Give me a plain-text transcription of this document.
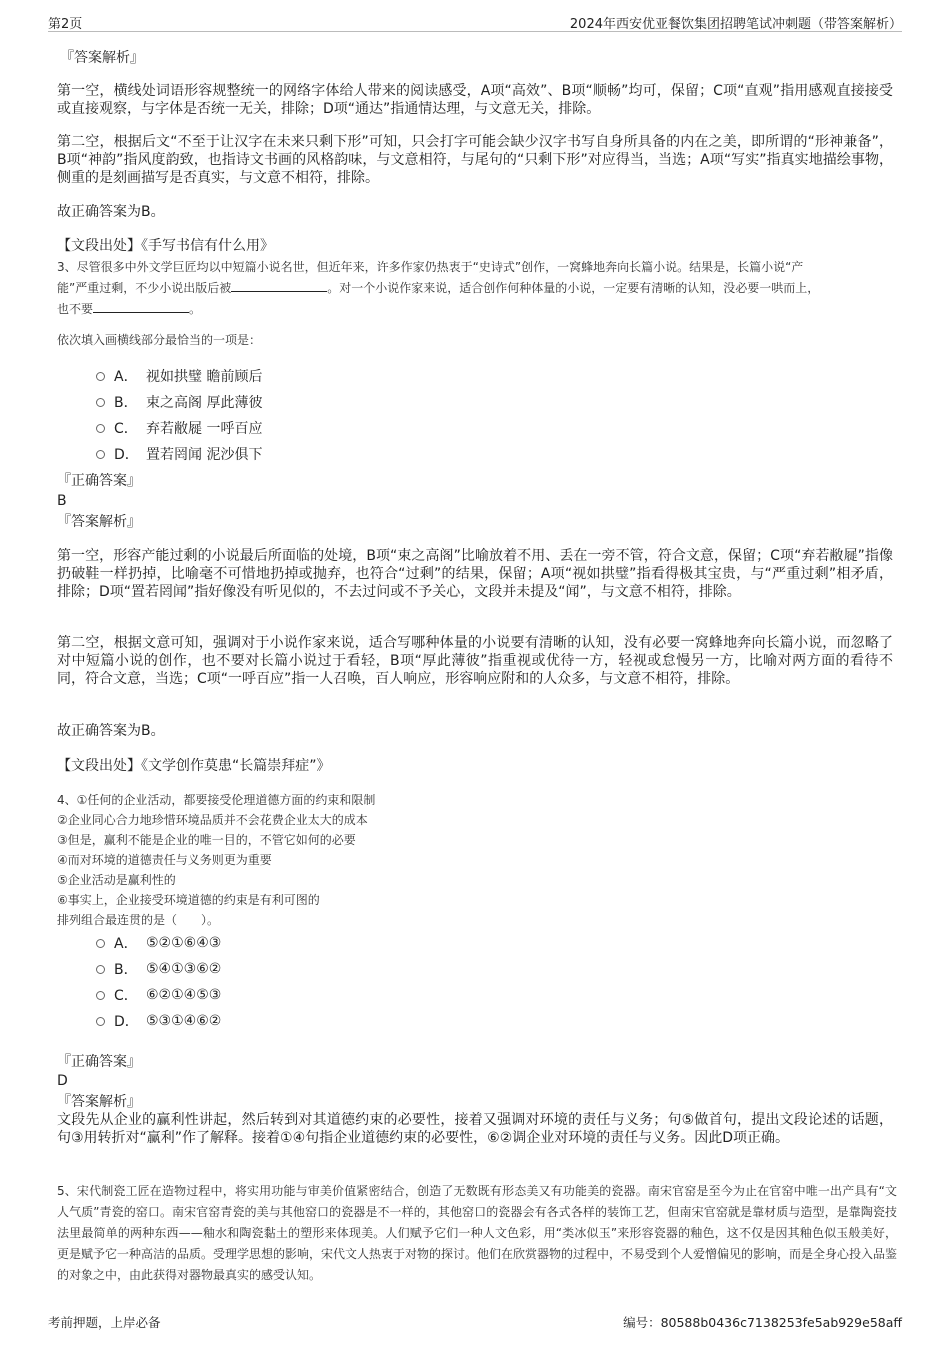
第2页	2024年西安优亚餐饮集团招聘笔试冲刺题（带答案解析）
『答案解析』
第一空，横线处词语形容规整统一的网络字体给人带来的阅读感受，A项“高效”、B项“顺畅”均可，保留；C项“直观”指用感观直接接受或直接观察，与字体是否统一无关，排除；D项“通达”指通情达理，与文意无关，排除。
第二空，根据后文“不至于让汉字在未来只剩下形”可知，只会打字可能会缺少汉字书写自身所具备的内在之美，即所谓的“形神兼备”，B项“神韵”指风度韵致，也指诗文书画的风格韵味，与文意相符，与尾句的“只剩下形”对应得当，当选；A项“写实”指真实地描绘事物，侧重的是刻画描写是否真实，与文意不相符，排除。
故正确答案为B。
【文段出处】《手写书信有什么用》
3、尽管很多中外文学巨匠均以中短篇小说名世，但近年来，许多作家仍热衷于“史诗式”创作，一窝蜂地奔向长篇小说。结果是，长篇小说“产
能”严重过剩，不少小说出版后被	。对一个小说作家来说，适合创作何种体量的小说，一定要有清晰的认知，没必要一哄而上，
也不要	。
依次填入画横线部分最恰当的一项是：
A． 视如拱璧 瞻前顾后
B． 束之高阁 厚此薄彼
C． 弃若敝屣 一呼百应
D． 置若罔闻 泥沙俱下
『正确答案』
B
『答案解析』
第一空，形容产能过剩的小说最后所面临的处境，B项“束之高阁”比喻放着不用、丢在一旁不管，符合文意，保留；C项“弃若敝屣”指像扔破鞋一样扔掉，比喻毫不可惜地扔掉或抛弃，也符合“过剩”的结果，保留；A项“视如拱璧”指看得极其宝贵，与“严重过剩”相矛盾，排除；D项“置若罔闻”指好像没有听见似的，不去过问或不予关心，文段并未提及“闻”，与文意不相符，排除。
第二空，根据文意可知，强调对于小说作家来说，适合写哪种体量的小说要有清晰的认知，没有必要一窝蜂地奔向长篇小说，而忽略了对中短篇小说的创作，也不要对长篇小说过于看轻，B项“厚此薄彼”指重视或优待一方，轻视或怠慢另一方，比喻对两方面的看待不同，符合文意，当选；C项“一呼百应”指一人召唤，百人响应，形容响应附和的人众多，与文意不相符，排除。
故正确答案为B。
【文段出处】《文学创作莫患“长篇崇拜症”》
4、①任何的企业活动，都要接受伦理道德方面的约束和限制
②企业同心合力地珍惜环境品质并不会花费企业太大的成本
③但是，赢利不能是企业的唯一目的，不管它如何的必要
④而对环境的道德责任与义务则更为重要
⑤企业活动是赢利性的
⑥事实上，企业接受环境道德的约束是有利可图的
排列组合最连贯的是（　　）。
A． ⑤②①⑥④③
B． ⑤④①③⑥②
C． ⑥②①④⑤③
D． ⑤③①④⑥②
『正确答案』
D
『答案解析』
文段先从企业的赢利性讲起，然后转到对其道德约束的必要性，接着又强调对环境的责任与义务；句⑤做首句，提出文段论述的话题，句③用转折对“赢利”作了解释。接着①④句指企业道德约束的必要性，⑥②调企业对环境的责任与义务。因此D项正确。
5、宋代制瓷工匠在造物过程中，将实用功能与审美价值紧密结合，创造了无数既有形态美又有功能美的瓷器。南宋官窑是至今为止在官窑中唯一出产具有“文人气质”青瓷的窑口。南宋官窑青瓷的美与其他窑口的瓷器是不一样的，其他窑口的瓷器会有各式各样的装饰工艺，但南宋官窑就是靠材质与造型，是靠陶瓷技法里最简单的两种东西——釉水和陶瓷黏土的塑形来体现美。人们赋予它们一种人文色彩，用“类冰似玉”来形容瓷器的釉色，这不仅是因其釉色似玉般美好，更是赋予它一种高洁的品质。受理学思想的影响，宋代文人热衷于对物的探讨。他们在欣赏器物的过程中，不易受到个人爱憎偏见的影响，而是全身心投入品鉴的对象之中，由此获得对器物最真实的感受认知。
考前押题，上岸必备	编号：80588b0436c7138253fe5ab929e58aff
